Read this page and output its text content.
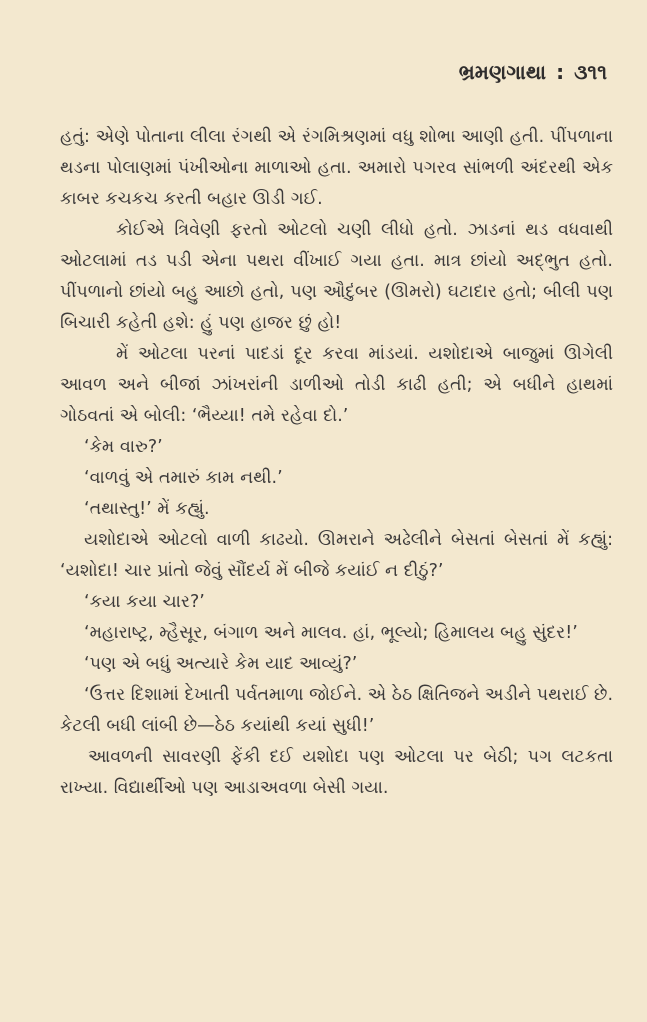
ભ્રમણગાથા : ૩૧૧

હતું: એણે પોતાના લીલા રંગથી એ રંગમિશ્રણમાં વધુ શોભા આણી હતી. પીંપળાના થડના પોલાણમાં પંખીઓના માળાઓ હતા. અમારો પગરવ સાંભળી અંદરથી એક કાબર કચકચ કરતી બહાર ઊડી ગઈ.

કોઈએ ત્રિવેણી ફરતો ઓટલો ચણી લીધો હતો. ઝાડનાં થડ વધવાથી ઓટલામાં તડ પડી એના પથરા વીંખાઈ ગયા હતા. માત્ર છાંયો અદ્ભુત હતો. પીંપળાનો છાંયો બહુ આછો હતો, પણ ઔદુંબર (ઊમરો) ઘટાદાર હતો; બીલી પણ બિચારી કહેતી હશે: હું પણ હાજર છું હો!

મેં ઓટલા પરનાં પાદડાં દૂર કરવા માંડયાં. યશોદાએ બાજુમાં ઊગેલી આવળ અને બીજાં ઝાંખરાંની ડાળીઓ તોડી કાઢી હતી; એ બધીને હાથમાં ગોઠવતાં એ બોલી: ‘ભૈય્યા! તમે રહેવા દો.’

‘કેમ વારુ?’

‘વાળવું એ તમારું કામ નથી.’

‘તથાસ્તુ!’ મેં કહ્યું.

યશોદાએ ઓટલો વાળી કાઢયો. ઊમરાને અઢેલીને બેસતાં બેસતાં મેં કહ્યું: ‘યશોદા! ચાર પ્રાંતો જેવું સૌંદર્ય મેં બીજે કયાંઈ ન દીઠું?’

‘કયા કયા ચાર?’

‘મહારાષ્ટ્ર, મ્હૈસૂર, બંગાળ અને માલવ. હાં, ભૂલ્યો; હિમાલય બહુ સુંદર!’

‘પણ એ બધું અત્યારે કેમ યાદ આવ્યું?’

‘ઉત્તર દિશામાં દેખાતી પર્વતમાળા જોઈને. એ ઠેઠ ક્ષિતિજને અડીને પથરાઈ છે. કેટલી બધી લાંબી છે—ઠેઠ કયાંથી કયાં સુધી!’

આવળની સાવરણી ફેંકી દઈ યશોદા પણ ઓટલા પર બેઠી; પગ લટકતા રાખ્યા. વિદ્યાર્થીઓ પણ આડાઅવળા બેસી ગયા.
